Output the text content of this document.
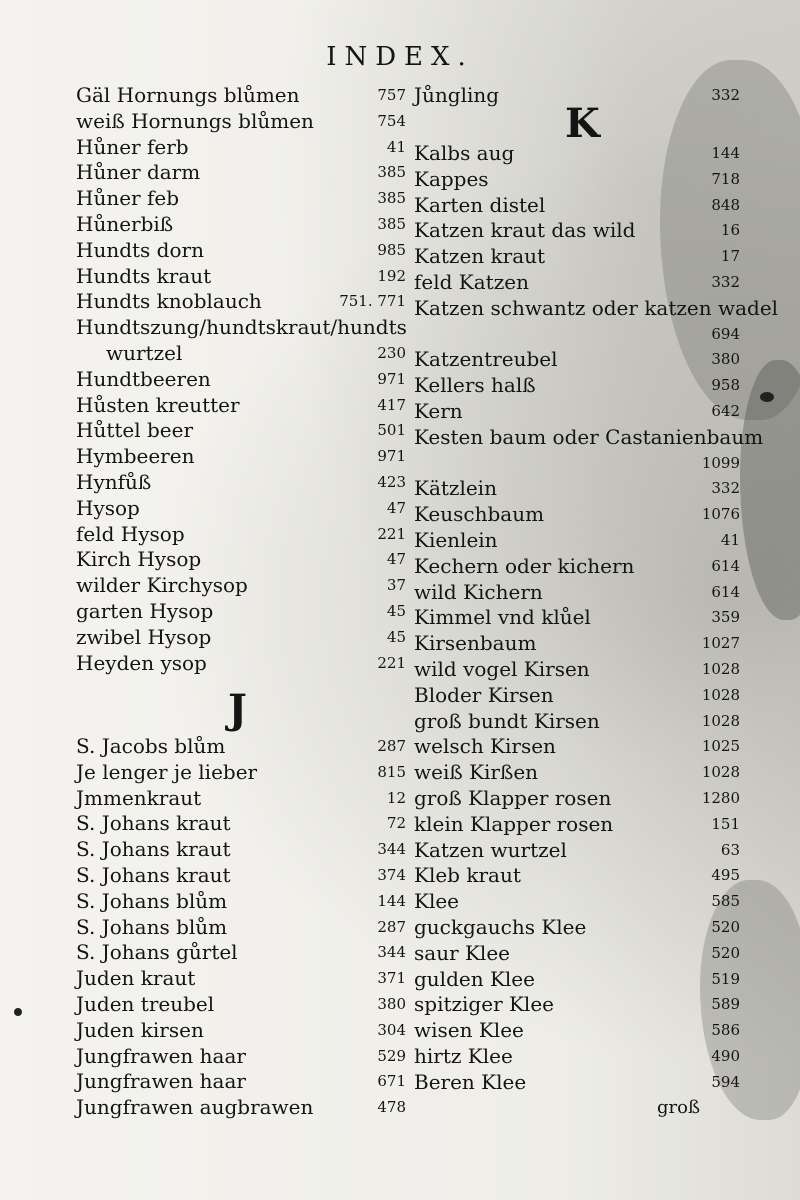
INDEX.
J
K
Gäl Hornungs blůmen	757
weiß Hornungs blůmen	754
Hůner ferb	41
Hůner darm	385
Hůner feb	385
Hůnerbiß	385
Hundts dorn	985
Hundts kraut	192
Hundts knoblauch	751. 771
Hundtszung/hundtskraut/hundts
wurtzel	230
Hundtbeeren	971
Hůsten kreutter	417
Hůttel beer	501
Hymbeeren	971
Hynfůß	423
Hysop	47
feld Hysop	221
Kirch Hysop	47
wilder Kirchysop	37
garten Hysop	45
zwibel Hysop	45
Heyden ysop	221
S. Jacobs blům	287
Je lenger je lieber	815
Jmmenkraut	12
S. Johans kraut	72
S. Johans kraut	344
S. Johans kraut	374
S. Johans blům	144
S. Johans blům	287
S. Johans gůrtel	344
Juden kraut	371
Juden treubel	380
Juden kirsen	304
Jungfrawen haar	529
Jungfrawen haar	671
Jungfrawen augbrawen	478
Jůngling	332
Kalbs aug	144
Kappes	718
Karten distel	848
Katzen kraut das wild	16
Katzen kraut	17
feld Katzen	332
Katzen schwantz oder katzen wadel
694
Katzentreubel	380
Kellers halß	958
Kern	642
Kesten baum oder Castanienbaum
1099
Kätzlein	332
Keuschbaum	1076
Kienlein	41
Kechern oder kichern	614
wild Kichern	614
Kimmel vnd klůel	359
Kirsenbaum	1027
wild vogel Kirsen	1028
Bloder Kirsen	1028
groß bundt Kirsen	1028
welsch Kirsen	1025
weiß Kirßen	1028
groß Klapper rosen	1280
klein Klapper rosen	151
Katzen wurtzel	63
Kleb kraut	495
Klee	585
guckgauchs Klee	520
saur Klee	520
gulden Klee	519
spitziger Klee	589
wisen Klee	586
hirtz Klee	490
Beren Klee	594
groß
